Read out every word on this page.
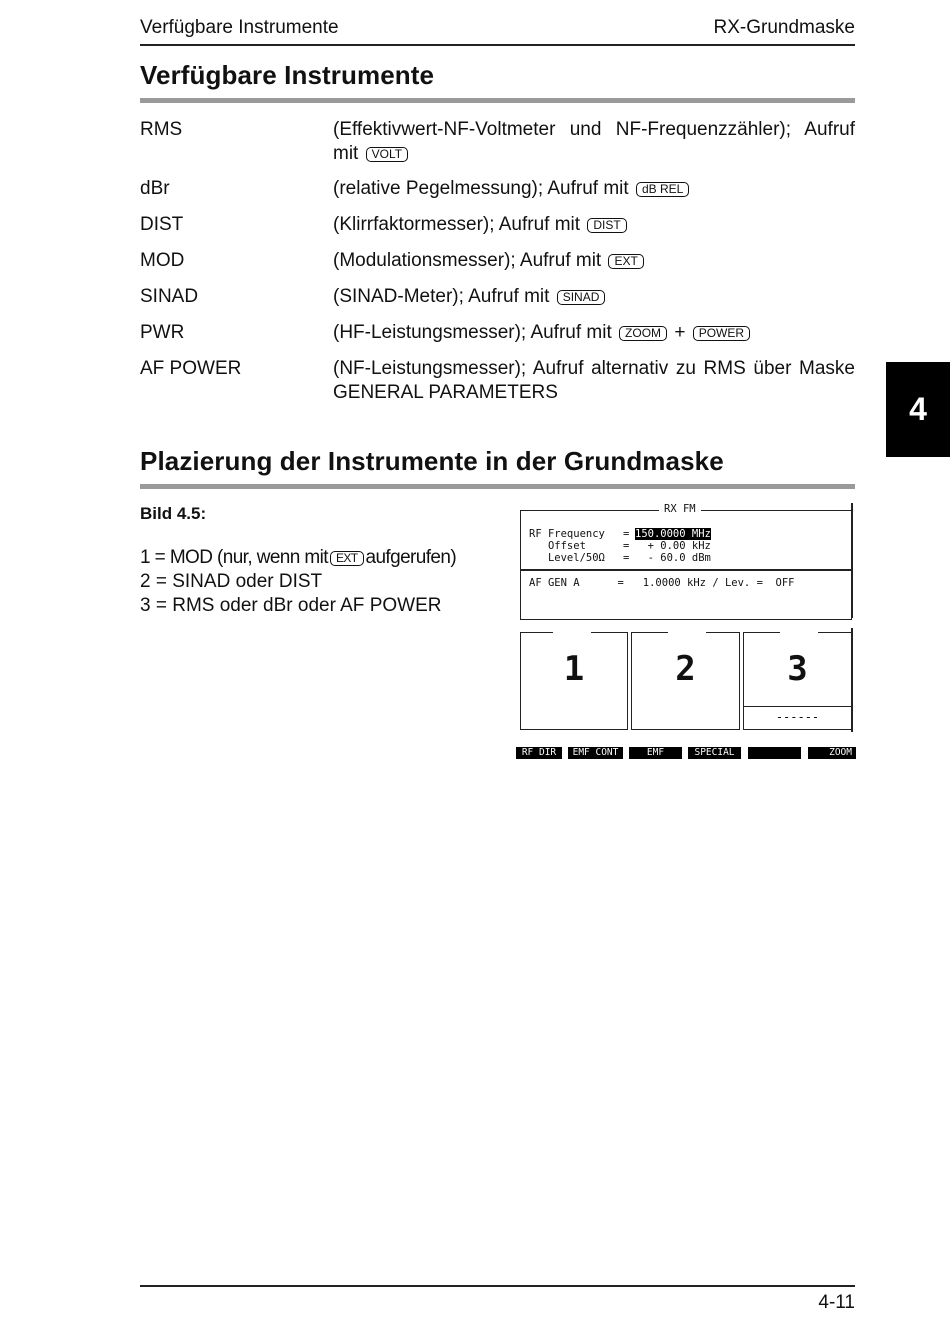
Verfügbare Instrumente	RX-Grundmaske
Verfügbare Instrumente
RMS	(Effektivwert-NF-Voltmeter und NF-Frequenzzähler); Aufruf mit VOLT
dBr	(relative Pegelmessung); Aufruf mit dB REL
DIST	(Klirrfaktormesser); Aufruf mit DIST
MOD	(Modulationsmesser); Aufruf mit EXT
SINAD	(SINAD-Meter); Aufruf mit SINAD
PWR	(HF-Leistungsmesser); Aufruf mit ZOOM + POWER
AF POWER	(NF-Leistungsmesser); Aufruf alternativ zu RMS über Maske GENERAL PARAMETERS	4
Plazierung der Instrumente in der Grundmaske
Bild 4.5:
1 = MOD (nur, wenn mit EXT aufgerufen)
2 = SINAD oder DIST
3 = RMS oder dBr oder AF POWER
RX FM
RF Frequency = 150.0000 MHz
Offset	= + 0.00 kHz
Level/50Ω = - 60.0 dBm
AF GEN A      =   1.0000 kHz / Lev. =  OFF
1	2	3
------
RF DIR	EMF CONT	EMF	SPECIAL	ZOOM
4-11
